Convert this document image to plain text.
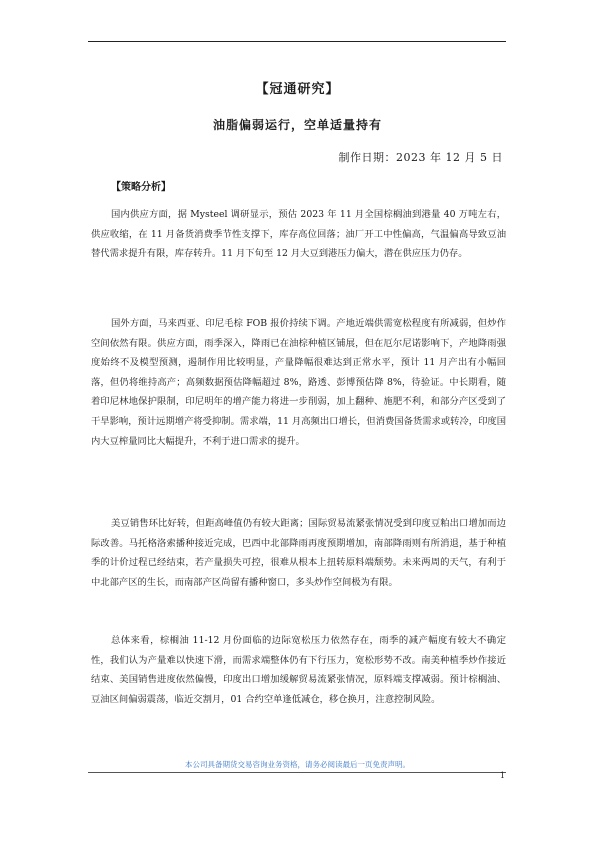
【冠通研究】
油脂偏弱运行，空单适量持有
制作日期：2023 年 12 月 5 日
【策略分析】

国内供应方面，据 Mysteel 调研显示，预估 2023 年 11 月全国棕榈油到港量 40 万吨左右，供应收缩，在 11 月备货消费季节性支撑下，库存高位回落；油厂开工中性偏高，气温偏高导致豆油替代需求提升有限，库存转升。11 月下旬至 12 月大豆到港压力偏大，潜在供应压力仍存。

国外方面，马来西亚、印尼毛棕 FOB 报价持续下调。产地近端供需宽松程度有所减弱，但炒作空间依然有限。供应方面，雨季深入，降雨已在油棕种植区铺展，但在厄尔尼诺影响下，产地降雨强度始终不及模型预测，遏制作用比较明显，产量降幅很难达到正常水平，预计 11 月产出有小幅回落，但仍将维持高产；高频数据预估降幅超过 8%，路透、彭博预估降 8%，待验证。中长期看，随着印尼林地保护限制，印尼明年的增产能力将进一步削弱，加上翻种、施肥不利，和部分产区受到了干旱影响，预计远期增产将受抑制。需求端，11 月高频出口增长，但消费国备货需求或转冷，印度国内大豆榨量同比大幅提升，不利于进口需求的提升。

美豆销售环比好转，但距高峰值仍有较大距离；国际贸易流紧张情况受到印度豆粕出口增加而边际改善。马托格洛索播种接近完成，巴西中北部降雨再度预期增加，南部降雨则有所消退，基于种植季的计价过程已经结束，若产量损失可控，很难从根本上扭转原料端颓势。未来两周的天气，有利于中北部产区的生长，而南部产区尚留有播种窗口，多头炒作空间极为有限。

总体来看，棕榈油 11-12 月份面临的边际宽松压力依然存在，雨季的减产幅度有较大不确定性，我们认为产量难以快速下滑，而需求端整体仍有下行压力，宽松形势不改。南美种植季炒作接近结束、美国销售进度依然偏慢，印度出口增加缓解贸易流紧张情况，原料端支撑减弱。预计棕榈油、豆油区间偏弱震荡，临近交割月，01 合约空单逢低减仓，移仓换月，注意控制风险。

本公司具备期货交易咨询业务资格，请务必阅读最后一页免责声明。
1
